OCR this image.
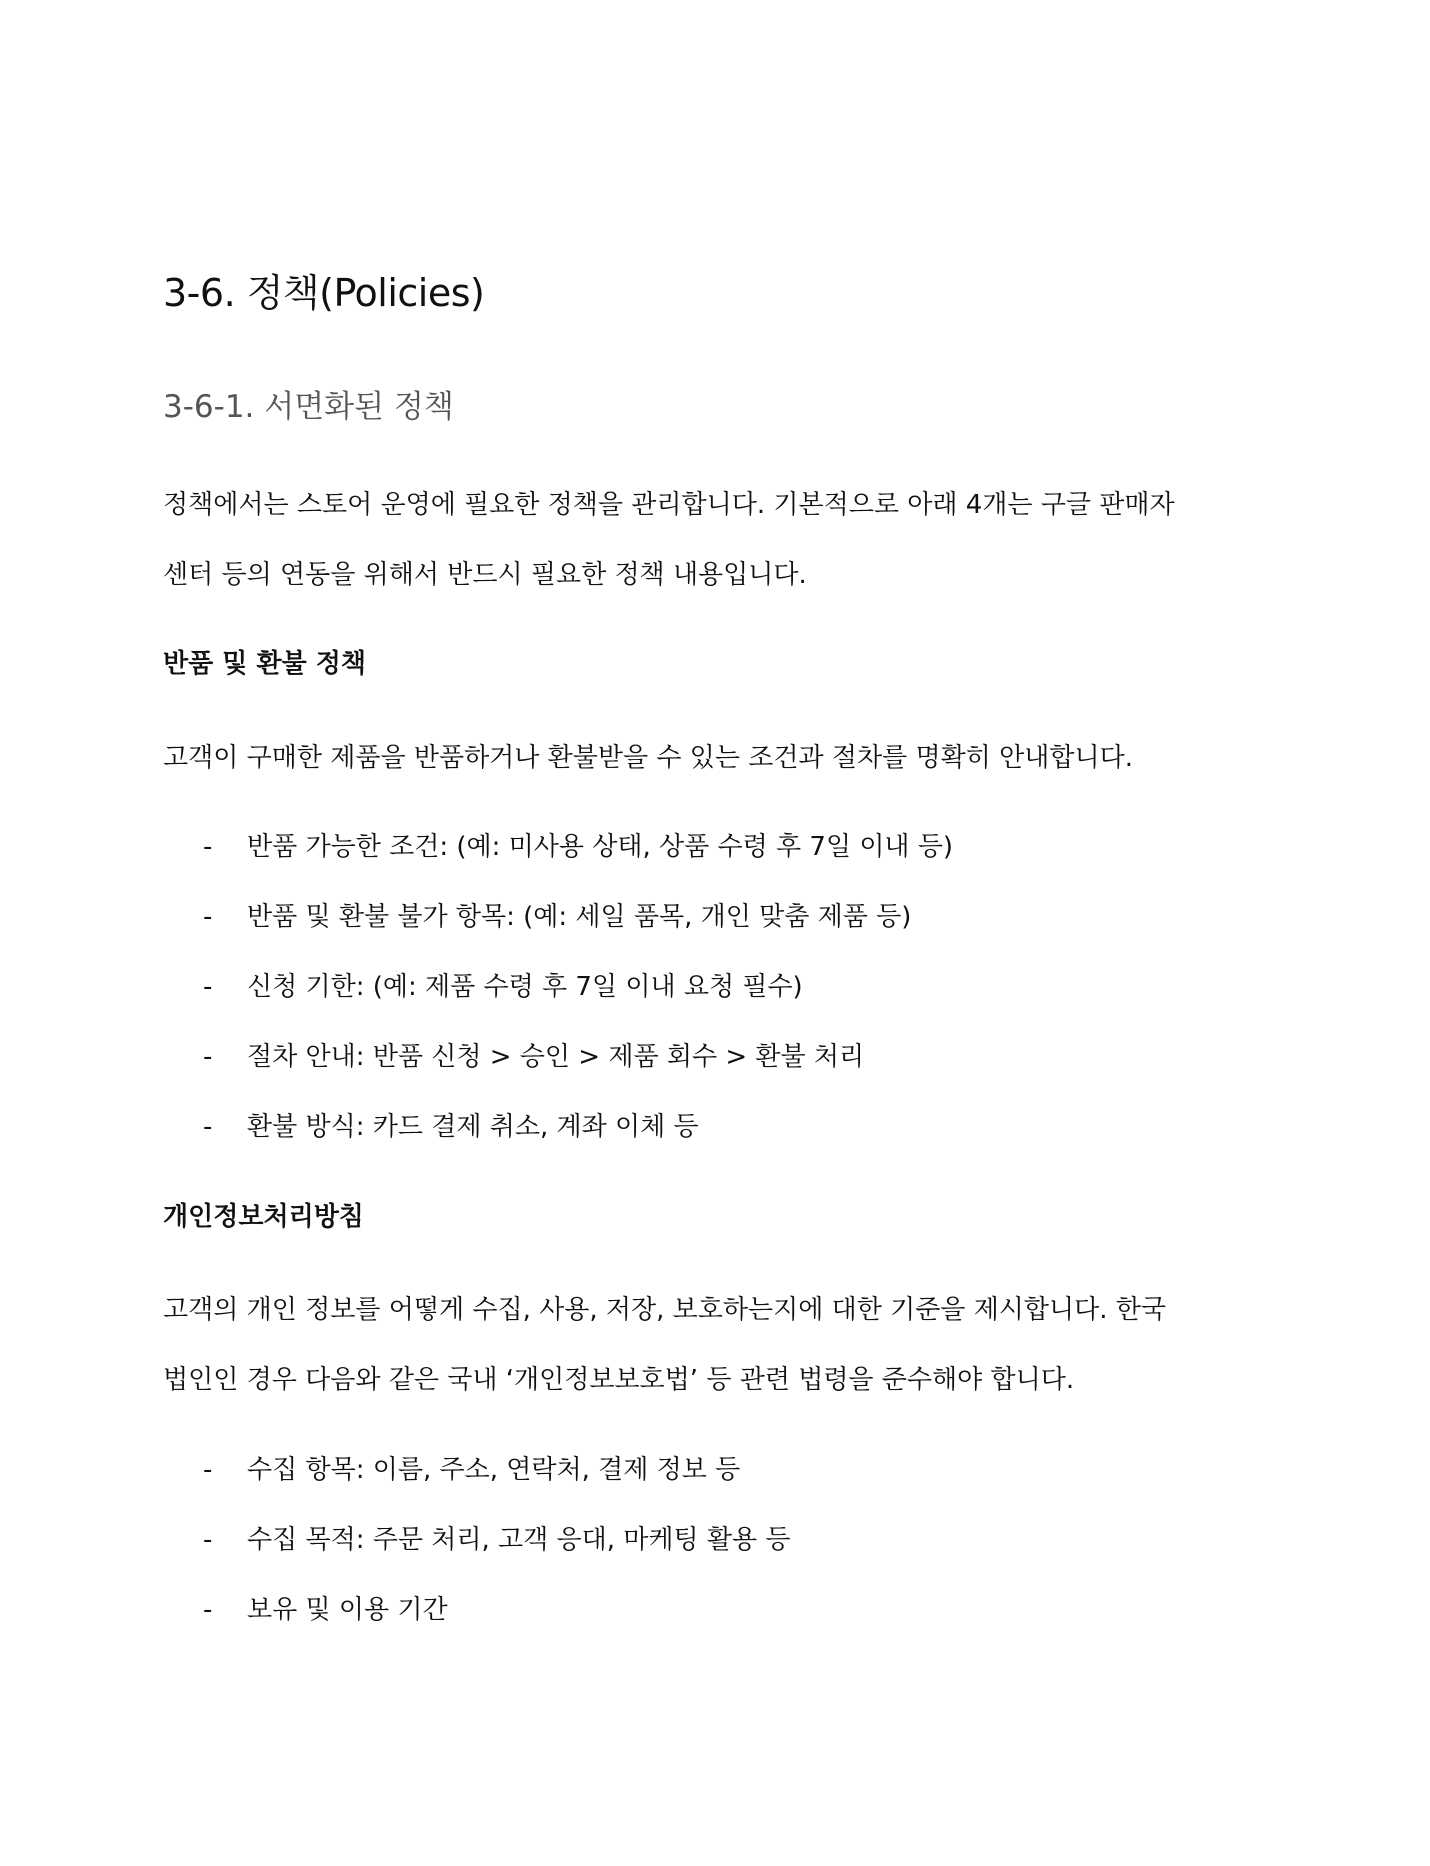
3-6. 정책(Policies)
3-6-1. 서면화된 정책
정책에서는 스토어 운영에 필요한 정책을 관리합니다. 기본적으로 아래 4개는 구글 판매자
센터 등의 연동을 위해서 반드시 필요한 정책 내용입니다.
반품 및 환불 정책
고객이 구매한 제품을 반품하거나 환불받을 수 있는 조건과 절차를 명확히 안내합니다.
- 반품 가능한 조건: (예: 미사용 상태, 상품 수령 후 7일 이내 등)
- 반품 및 환불 불가 항목: (예: 세일 품목, 개인 맞춤 제품 등)
- 신청 기한: (예: 제품 수령 후 7일 이내 요청 필수)
- 절차 안내: 반품 신청 > 승인 > 제품 회수 > 환불 처리
- 환불 방식: 카드 결제 취소, 계좌 이체 등
개인정보처리방침
고객의 개인 정보를 어떻게 수집, 사용, 저장, 보호하는지에 대한 기준을 제시합니다. 한국
법인인 경우 다음와 같은 국내 ‘개인정보보호법’ 등 관련 법령을 준수해야 합니다.
- 수집 항목: 이름, 주소, 연락처, 결제 정보 등
- 수집 목적: 주문 처리, 고객 응대, 마케팅 활용 등
- 보유 및 이용 기간
